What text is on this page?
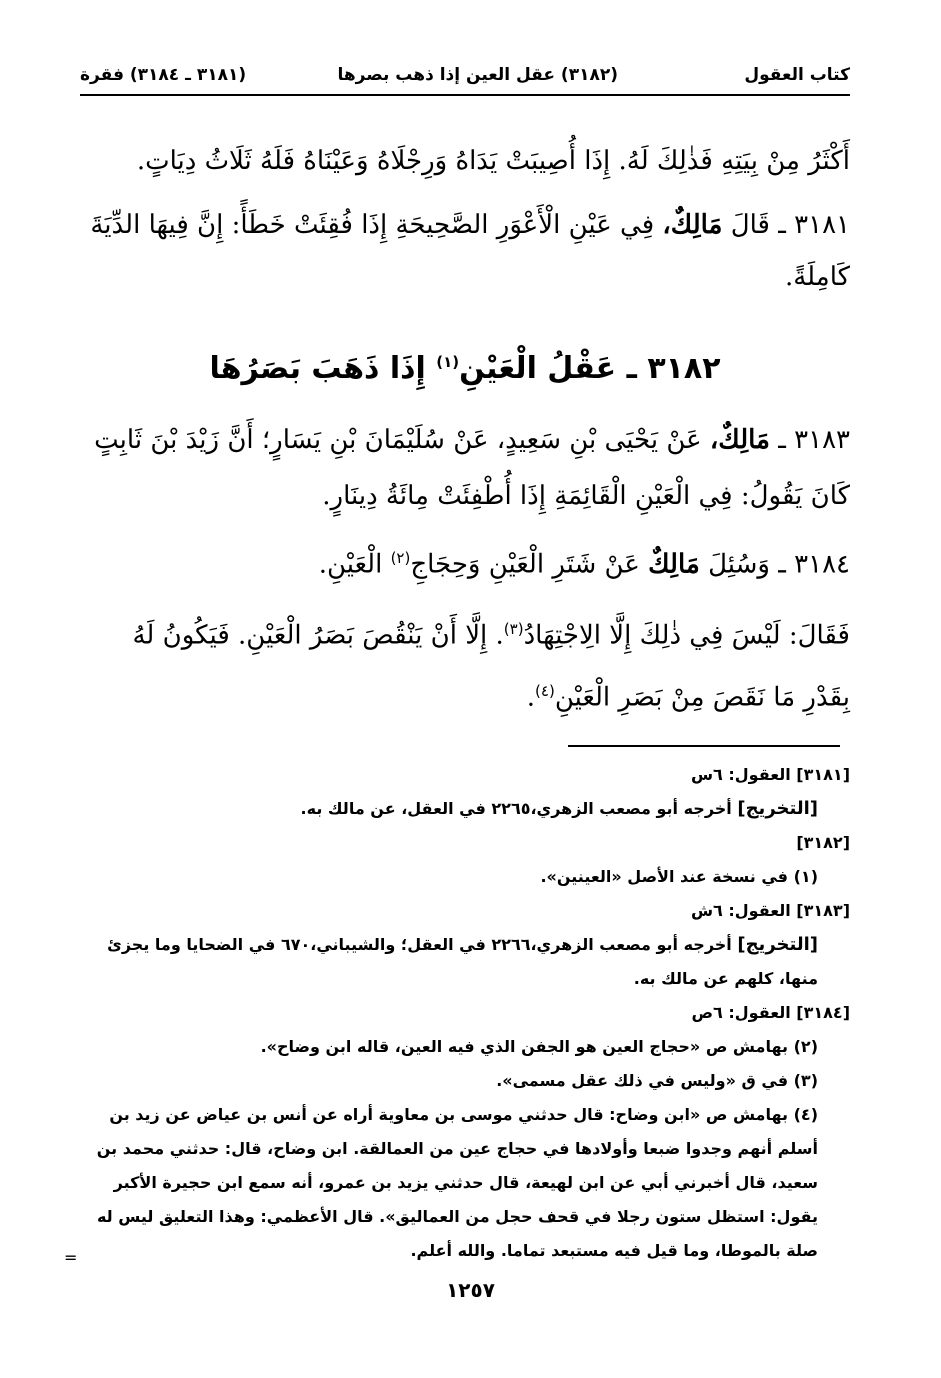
كتاب العقول
(٣١٨٢) عقل العين إذا ذهب بصرها
(٣١٨١ ـ ٣١٨٤) فقرة

أَكْثَرُ مِنْ بِيَتِهِ فَذٰلِكَ لَهُ. إِذَا أُصِيبَتْ يَدَاهُ وَرِجْلَاهُ وَعَيْنَاهُ فَلَهُ ثَلَاثُ دِيَاتٍ.

٣١٨١ ـ قَالَ مَالِكٌ، فِي عَيْنِ الْأَعْوَرِ الصَّحِيحَةِ إِذَا فُقِئَتْ خَطَأً: إِنَّ فِيهَا الدِّيَةَ كَامِلَةً.

٣١٨٢ ـ عَقْلُ الْعَيْنِ$^{(١)}$ إِذَا ذَهَبَ بَصَرُهَا

٣١٨٣ ـ مَالِكٌ، عَنْ يَحْيَى بْنِ سَعِيدٍ، عَنْ سُلَيْمَانَ بْنِ يَسَارٍ؛ أَنَّ زَيْدَ بْنَ ثَابِتٍ كَانَ يَقُولُ: فِي الْعَيْنِ الْقَائِمَةِ إِذَا أُطْفِئَتْ مِائَةُ دِينَارٍ.

٣١٨٤ ـ وَسُئِلَ مَالِكٌ عَنْ شَتَرِ الْعَيْنِ وَحِجَاجِ$^{(٢)}$ الْعَيْنِ.

فَقَالَ: لَيْسَ فِي ذٰلِكَ إِلَّا الِاجْتِهَادُ$^{(٣)}$. إِلَّا أَنْ يَنْقُصَ بَصَرُ الْعَيْنِ. فَيَكُونُ لَهُ بِقَدْرِ مَا نَقَصَ مِنْ بَصَرِ الْعَيْنِ$^{(٤)}$.

[٣١٨١] العقول: ٦س

[التخريج] أخرجه أبو مصعب الزهري،٢٢٦٥ في العقل، عن مالك به.

[٣١٨٢]

(١) في نسخة عند الأصل «العينين».

[٣١٨٣] العقول: ٦ش

[التخريج] أخرجه أبو مصعب الزهري،٢٢٦٦ في العقل؛ والشيباني،٦٧٠ في الضحايا وما يجزئ منها، كلهم عن مالك به.

[٣١٨٤] العقول: ٦ص

(٢) بهامش ص «حجاج العين هو الجفن الذي فيه العين، قاله ابن وضاح».

(٣) في ق «وليس في ذلك عقل مسمى».

(٤) بهامش ص «ابن وضاح: قال حدثني موسى بن معاوية أراه عن أنس بن عياض عن زيد بن أسلم أنهم وجدوا ضبعا وأولادها في حجاج عين من العمالقة. ابن وضاح، قال: حدثني محمد بن سعيد، قال أخبرني أبي عن ابن لهيعة، قال حدثني يزيد بن عمرو، أنه سمع ابن حجيرة الأكبر يقول: استظل ستون رجلا في قحف حجل من العماليق». قال الأعظمي: وهذا التعليق ليس له صلة بالموطا، وما قيل فيه مستبعد تماما. والله أعلم.

=
١٢٥٧
